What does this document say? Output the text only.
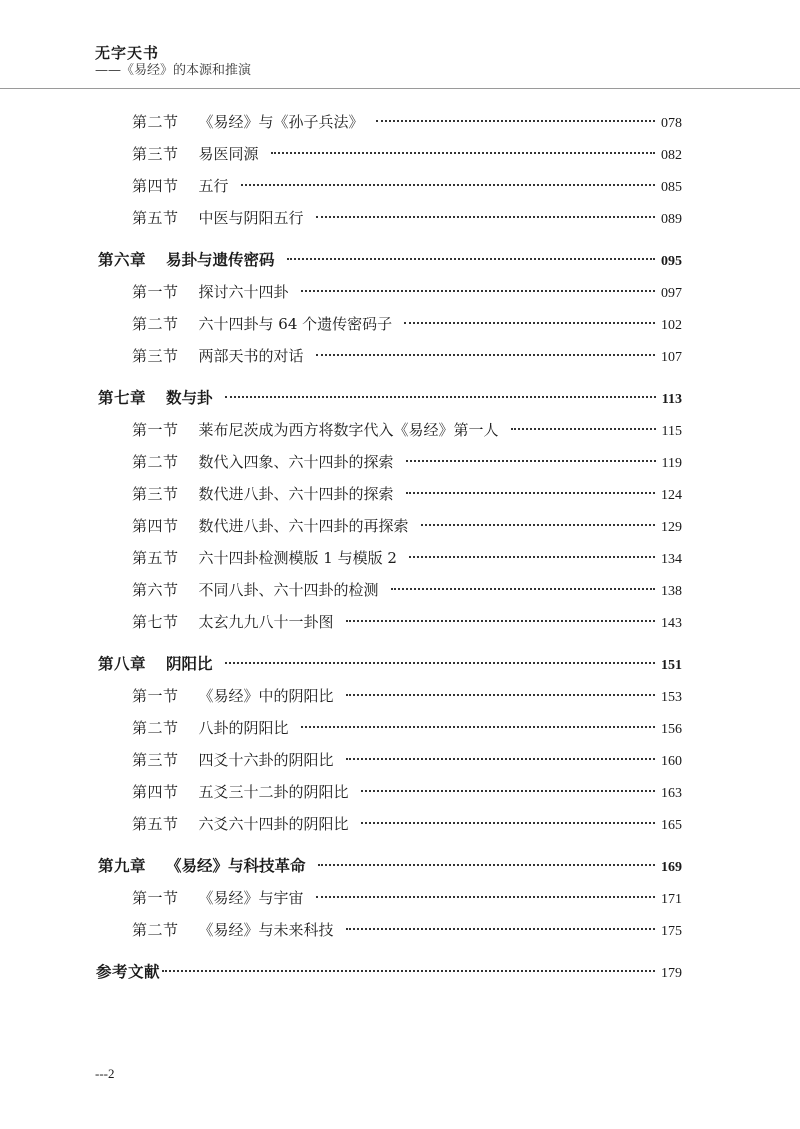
无字天书
——《易经》的本源和推演
第二节 《易经》与《孙子兵法》	078
第三节 易医同源	082
第四节 五行	085
第五节 中医与阴阳五行	089
第六章 易卦与遗传密码	095
第一节 探讨六十四卦	097
第二节 六十四卦与 64 个遗传密码子	102
第三节 两部天书的对话	107
第七章 数与卦	113
第一节 莱布尼茨成为西方将数字代入《易经》第一人	115
第二节 数代入四象、六十四卦的探索	119
第三节 数代进八卦、六十四卦的探索	124
第四节 数代进八卦、六十四卦的再探索	129
第五节 六十四卦检测模版 1 与模版 2	134
第六节 不同八卦、六十四卦的检测	138
第七节 太玄九九八十一卦图	143
第八章 阴阳比	151
第一节 《易经》中的阴阳比	153
第二节 八卦的阴阳比	156
第三节 四爻十六卦的阴阳比	160
第四节 五爻三十二卦的阴阳比	163
第五节 六爻六十四卦的阴阳比	165
第九章 《易经》与科技革命	169
第一节 《易经》与宇宙	171
第二节 《易经》与未来科技	175
参考文献	179
---2
